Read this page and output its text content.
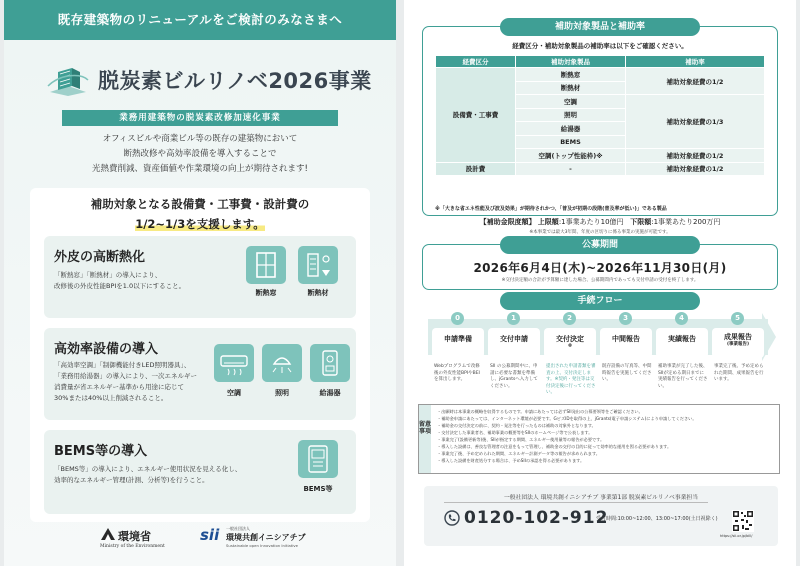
既存建築物のリニューアルをご検討のみなさまへ
脱炭素ビルリノベ2026事業
業務用建築物の脱炭素改修加速化事業
オフィスビルや商業ビル等の既存の建築物において
断熱改修や高効率設備を導入することで
光熱費削減、資産価値や作業環境の向上が期待されます!
補助対象となる設備費・工事費・設計費の
1/2~1/3を支援します。
外皮の高断熱化

「断熱窓」「断熱材」の導入により、
改修後の外皮性能BPIを1.0以下にすること。

断熱窓	断熱材
高効率設備の導入

「高効率空調」「制御機能付きLED照明器具」、
「業務用給湯器」の導入により、一次エネルギー
消費量が省エネルギー基準から用途に応じて
30%または40%以上削減されること。

空調	照明	給湯器
BEMS等の導入

「BEMS等」の導入により、エネルギー使用状況を見える化し、
効率的なエネルギー管理(計測、分析等)を行うこと。

BEMS等
環境省
Ministry of the Environment
sii 一般社団法人
環境共創イニシアチブ
Sustainable open Innovation Initiative
経費区分・補助対象製品の補助率は以下をご確認ください。
経費区分	補助対象製品	補助率
設備費・工事費	断熱窓	補助対象経費の1/2
	断熱材	
	空調	補助対象経費の1/3
	照明	
	給湯器	
	BEMS	
	空調(トップ性能枠)※	補助対象経費の1/2
設計費	-	補助対象経費の1/2
※「大きな省エネ性能及び波及効果」が期待されかつ、「普及が初期の段階(普及率が低い)」である製品
【補助金限度額】 上限額:1事業あたり10億円 下限額:1事業あたり200万円
※本事業では最大3年間、年度の区切りに係る事業の実施が可能です。
補助対象製品と補助率
2026年6月4日(木)~2026年11月30日(月)
※交付決定額の合計が予算額に達した場合、公募期間内であっても交付申請の受付を終了します。
公募期間
手続フロー
0
申請準備
Webプログラムで改修後の外皮性能BPIやBEIを算出します。
1
交付申請
SII の公募期間中に、申請に必要な書類を準備し、jGrantsへ入力してください。
2
交付決定
※
提出された申請書類を審査の上、交付決定します。※契約・発注等は交付決定後に行ってください。
3
中間報告
既存設備の写真等、中間時報告を実施してください。
4
実績報告
補助事業が完了した後、SIIが定める期日までに実績報告を行ってください。
5
成果報告
(事業報告)
事業完了後、予め定められた期間、成果報告を行います。
留意事項
・出願時は本事業の概略を収得するものです。申請にあたっては必ずSII発出の公募要領等をご確認ください。
・補助金申請にあたっては、インターネット環境が必要です。GビズIDを取得の上、jGrants(電子申請システム)により申請してください。
・補助金の交付決定の前に、契約・発注等を行ったものは補助の対象外となります。
・交付決定した事業者名、補助事業の概要等をSIIのホームページ等で公表します。
・事業完了(設備更新等)後、SIIが指定する期間、エネルギー使用量等の報告が必要です。
・導入した設備は、善良な管理者の注意をもって管理し、補助金の交付の目的に従って効率的な運用を図る必要があります。
・事業完了後、予め定められた期間、エネルギー計測データ等の報告が求められます。
・導入した設備を財産処分する場合は、予めSIIの承認を得る必要があります。
一般社団法人 環境共創イニシアチブ 事業第1部 脱炭素ビルリノベ事業担当
0120-102-912
受付時間:10:00~12:00、13:00~17:00(土日祝除く)
https://sii.or.jp/bill/
